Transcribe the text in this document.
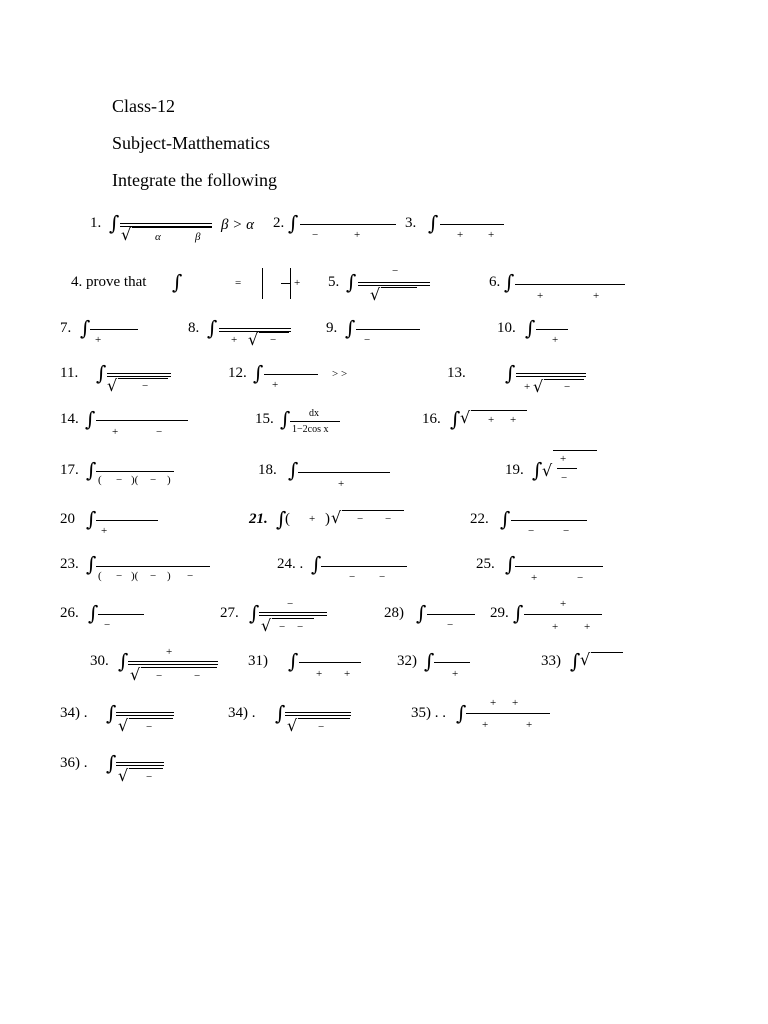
Class-12
Subject-Matthematics
Integrate the following
1. ∫ √ α	β
β > α 2. ∫ −	+
3. ∫ + +
4. prove that ∫	=	+ 5. ∫	−
√
6. ∫
+	+
7. ∫ +
8. ∫ + √ −
9. ∫ −
10. ∫ +
11. ∫
√ −
12. ∫ +
> >	13. ∫
+ √ −
14. ∫
+	−
15. ∫ dx
1−2cos x
16. ∫ √ + +
17. ∫ ( − )( − )
18. ∫
+
19. ∫ √
+
−
20 ∫ +
21. ∫
( + ) √ − −	22. ∫ −	−
23. ∫ ( − )( − ) −
24. . ∫
− −
25. ∫
+	−
26. ∫ −
27. ∫	−
√ − −
28) ∫ −
29. ∫	+
+ +
30. ∫	+
√ −	−
31) ∫
+ +
32) ∫
+
33) ∫ √
34) . ∫
√ −
34) . ∫
√ −
35) . . ∫ + +
+	+
36) . ∫
√ −
